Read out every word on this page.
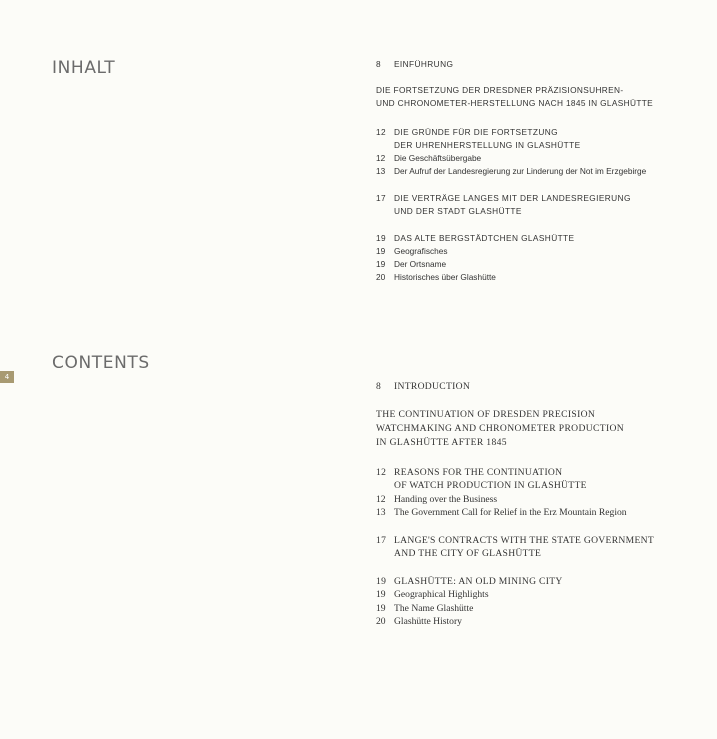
INHALT
CONTENTS
4
8	EINFÜHRUNG
DIE FORTSETZUNG DER DRESDNER PRÄZISIONSUHREN-
UND CHRONOMETER-HERSTELLUNG NACH 1845 IN GLASHÜTTE
12 DIE GRÜNDE FÜR DIE FORTSETZUNG
DER UHRENHERSTELLUNG IN GLASHÜTTE
12	Die Geschäftsübergabe
13	Der Aufruf der Landesregierung zur Linderung der Not im Erzgebirge
17 DIE VERTRÄGE LANGES MIT DER LANDESREGIERUNG
UND DER STADT GLASHÜTTE
19 DAS ALTE BERGSTÄDTCHEN GLASHÜTTE
19	Geografisches
19	Der Ortsname
20	Historisches über Glashütte
8	INTRODUCTION
THE CONTINUATION OF DRESDEN PRECISION
WATCHMAKING AND CHRONOMETER PRODUCTION
IN GLASHÜTTE AFTER 1845
12 REASONS FOR THE CONTINUATION
OF WATCH PRODUCTION IN GLASHÜTTE
12 Handing over the Business
13 The Government Call for Relief in the Erz Mountain Region
17 LANGE'S CONTRACTS WITH THE STATE GOVERNMENT
AND THE CITY OF GLASHÜTTE
19 GLASHÜTTE: AN OLD MINING CITY
19 Geographical Highlights
19 The Name Glashütte
20 Glashütte History
